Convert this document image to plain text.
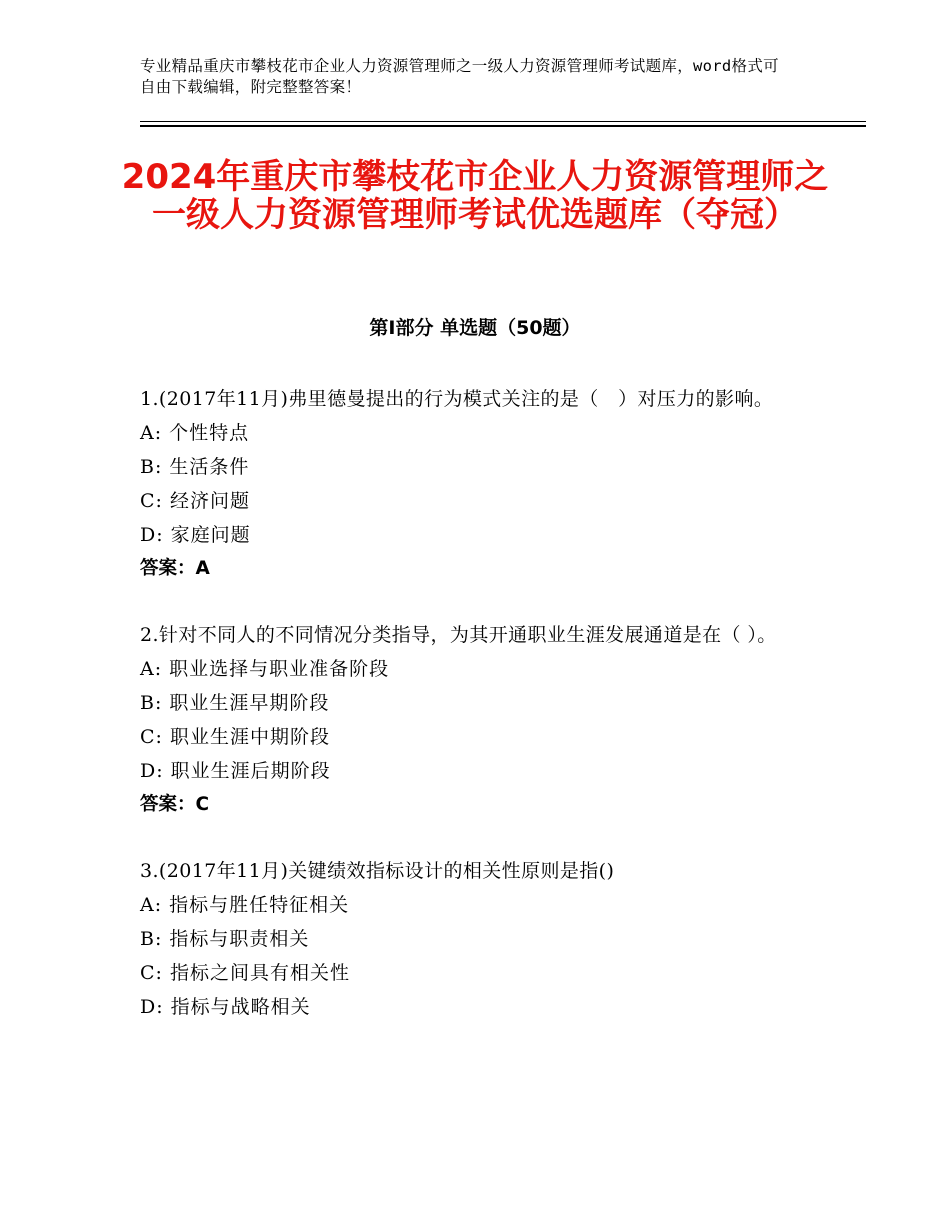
专业精品重庆市攀枝花市企业人力资源管理师之一级人力资源管理师考试题库，word格式可自由下载编辑，附完整整答案！
2024年重庆市攀枝花市企业人力资源管理师之一级人力资源管理师考试优选题库（夺冠）
第Ⅰ部分 单选题（50题）

1.(2017年11月)弗里德曼提出的行为模式关注的是（　）对压力的影响。

A: 个性特点

B: 生活条件

C: 经济问题

D: 家庭问题

答案：A

2.针对不同人的不同情况分类指导，为其开通职业生涯发展通道是在（ ）。

A: 职业选择与职业准备阶段

B: 职业生涯早期阶段

C: 职业生涯中期阶段

D: 职业生涯后期阶段

答案：C

3.(2017年11月)关键绩效指标设计的相关性原则是指()

A: 指标与胜任特征相关

B: 指标与职责相关

C: 指标之间具有相关性

D: 指标与战略相关
